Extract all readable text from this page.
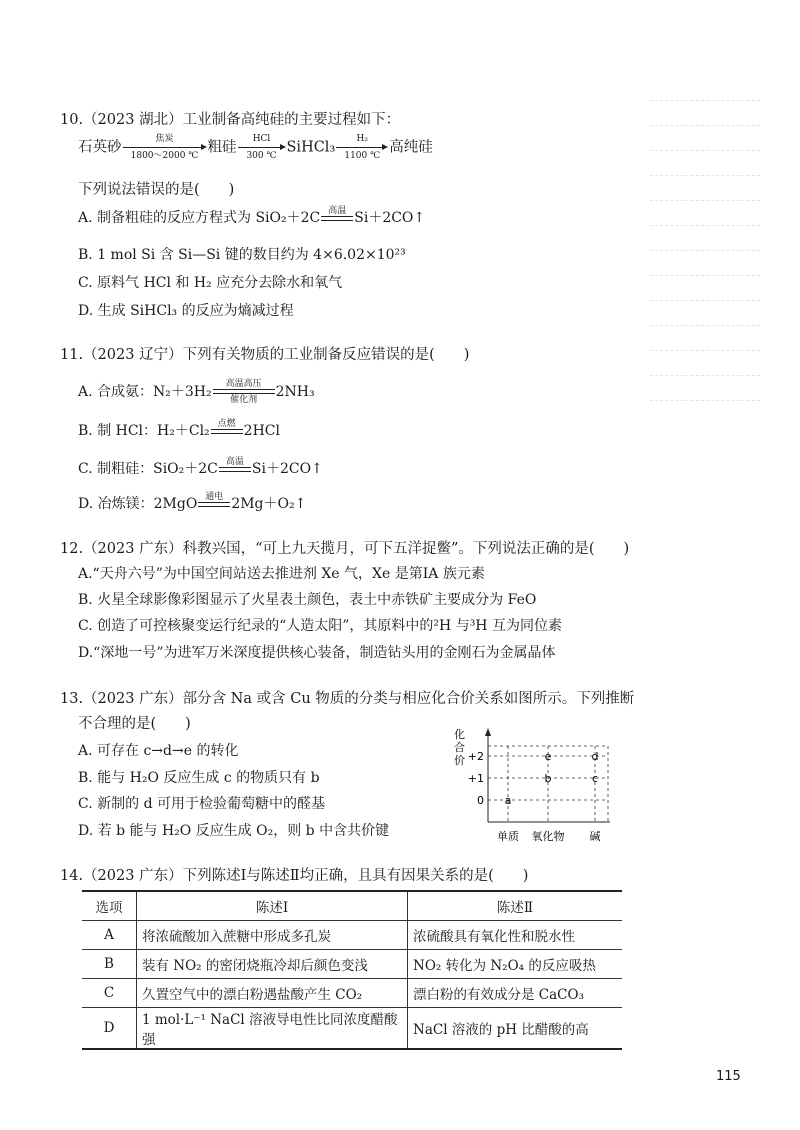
10.（2023 湖北）工业制备高纯硅的主要过程如下：
石英砂
焦炭
1800～2000 ℃
粗硅
HCl
300 ℃
SiHCl₃
H₂
1100 ℃
高纯硅
下列说法错误的是(　　)
A. 制备粗硅的反应方程式为 SiO₂＋2C 高温 Si＋2CO↑
B. 1 mol Si 含 Si—Si 键的数目约为 4×6.02×10²³
C. 原料气 HCl 和 H₂ 应充分去除水和氧气
D. 生成 SiHCl₃ 的反应为熵减过程
11.（2023 辽宁）下列有关物质的工业制备反应错误的是(　　)
A. 合成氨：N₂＋3H₂	高温高压
催化剂	2NH₃
B. 制 HCl：H₂＋Cl₂ 点燃 2HCl
C. 制粗硅：SiO₂＋2C 高温 Si＋2CO↑
D. 冶炼镁：2MgO 通电 2Mg＋O₂↑
12.（2023 广东）科教兴国，“可上九天揽月，可下五洋捉鳖”。下列说法正确的是(　　)
A.“天舟六号”为中国空间站送去推进剂 Xe 气，Xe 是第ⅠA 族元素
B. 火星全球影像彩图显示了火星表土颜色，表土中赤铁矿主要成分为 FeO
C. 创造了可控核聚变运行纪录的“人造太阳”，其原料中的²H 与³H 互为同位素
D.“深地一号”为进军万米深度提供核心装备，制造钻头用的金刚石为金属晶体
13.（2023 广东）部分含 Na 或含 Cu 物质的分类与相应化合价关系如图所示。下列推断
不合理的是(　　)
A. 可存在 c→d→e 的转化
B. 能与 H₂O 反应生成 c 的物质只有 b
C. 新制的 d 可用于检验葡萄糖中的醛基
D. 若 b 能与 H₂O 反应生成 O₂，则 b 中含共价键
化合价 +2
+1
0
单质 氧化物 碱
a
b	c
e	d
14.（2023 广东）下列陈述Ⅰ与陈述Ⅱ均正确，且具有因果关系的是(　　)
选项	陈述Ⅰ	陈述Ⅱ
A	将浓硫酸加入蔗糖中形成多孔炭	浓硫酸具有氧化性和脱水性
B	装有 NO₂ 的密闭烧瓶冷却后颜色变浅	NO₂ 转化为 N₂O₄ 的反应吸热
C	久置空气中的漂白粉遇盐酸产生 CO₂	漂白粉的有效成分是 CaCO₃
D	1 mol·L⁻¹ NaCl 溶液导电性比同浓度醋酸强	NaCl 溶液的 pH 比醋酸的高
115
